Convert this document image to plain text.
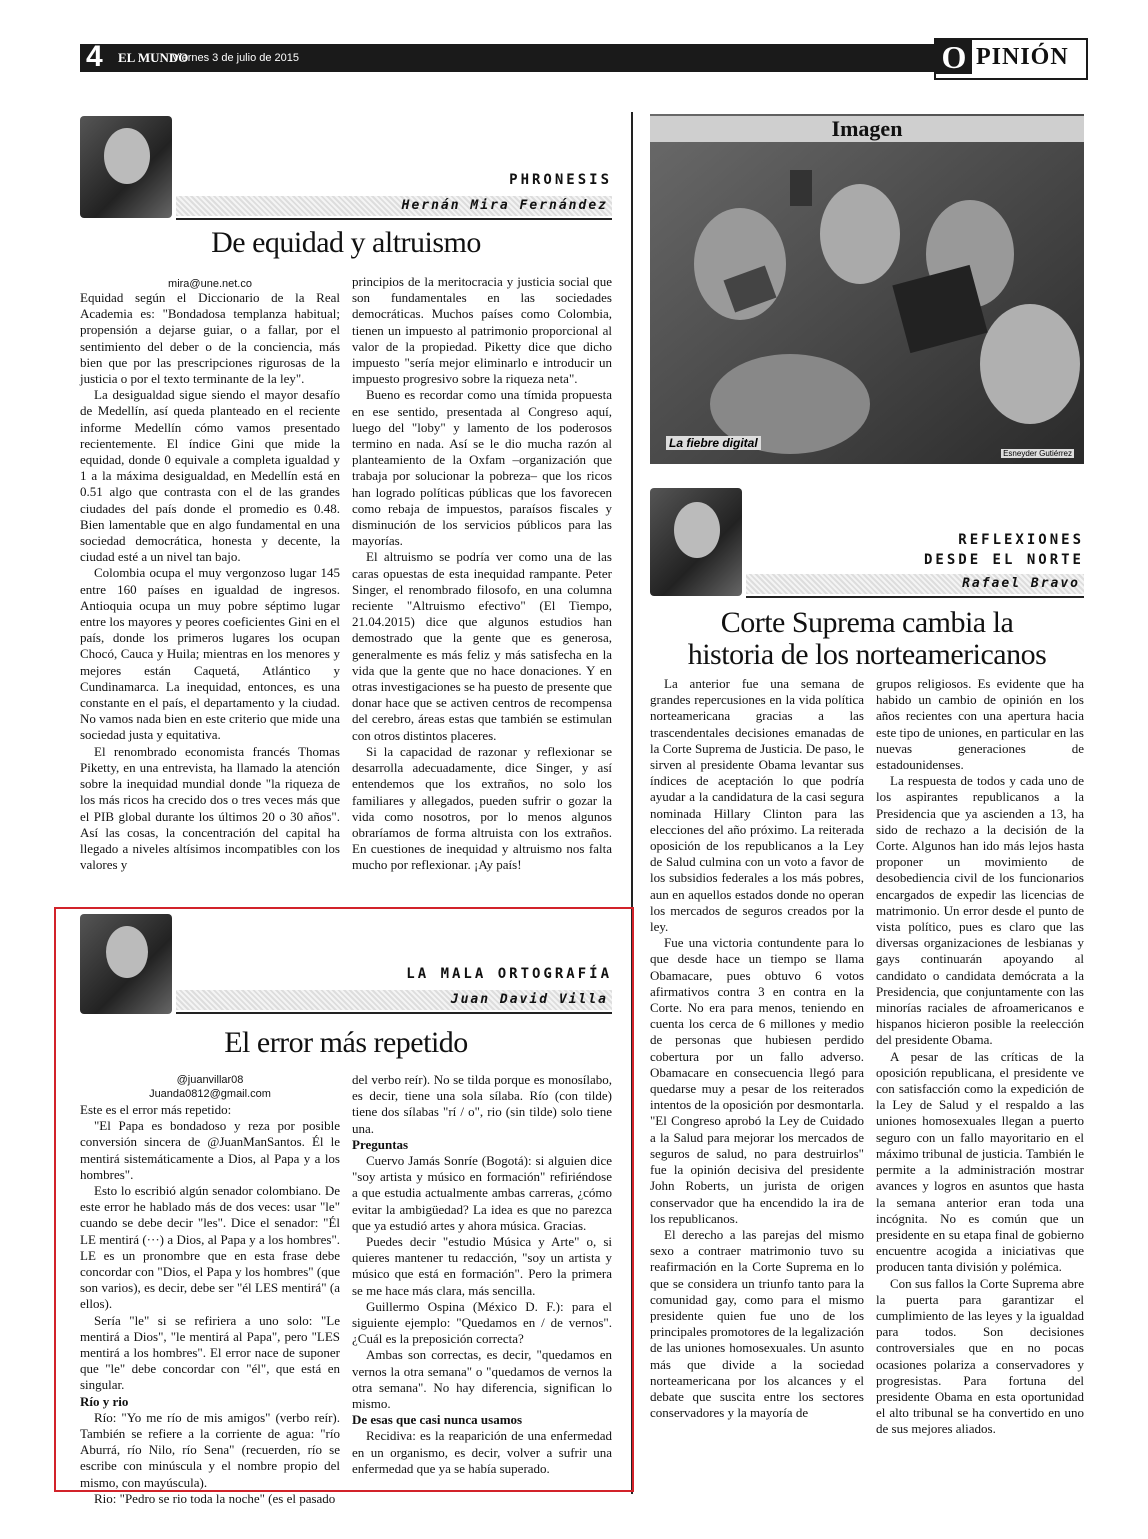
4 EL MUNDO
Viernes 3 de julio de 2015	O PINIÓN
PHRONESIS
Hernán Mira Fernández
De equidad y altruismo
mira@une.net.co

Equidad según el Diccionario de la Real Academia es: "Bondadosa templanza habitual; propensión a dejarse guiar, o a fallar, por el sentimiento del deber o de la conciencia, más bien que por las prescripciones rigurosas de la justicia o por el texto terminante de la ley".

La desigualdad sigue siendo el mayor desafío de Medellín, así queda planteado en el reciente informe Medellín cómo vamos presentado recientemente. El índice Gini que mide la equidad, donde 0 equivale a completa igualdad y 1 a la máxima desigualdad, en Medellín está en 0.51 algo que contrasta con el de las grandes ciudades del país donde el promedio es 0.48. Bien lamentable que en algo fundamental en una sociedad democrática, honesta y decente, la ciudad esté a un nivel tan bajo.

Colombia ocupa el muy vergonzoso lugar 145 entre 160 países en igualdad de ingresos. Antioquia ocupa un muy pobre séptimo lugar entre los mayores y peores coeficientes Gini en el país, donde los primeros lugares los ocupan Chocó, Cauca y Huila; mientras en los menores y mejores están Caquetá, Atlántico y Cundinamarca. La inequidad, entonces, es una constante en el país, el departamento y la ciudad. No vamos nada bien en este criterio que mide una sociedad justa y equitativa.

El renombrado economista francés Thomas Piketty, en una entrevista, ha llamado la atención sobre la inequidad mundial donde "la riqueza de los más ricos ha crecido dos o tres veces más que el PIB global durante los últimos 20 o 30 años". Así las cosas, la concentración del capital ha llegado a niveles altísimos incompatibles con los valores y

principios de la meritocracia y justicia social que son fundamentales en las sociedades democráticas. Muchos países como Colombia, tienen un impuesto al patrimonio proporcional al valor de la propiedad. Piketty dice que dicho impuesto "sería mejor eliminarlo e introducir un impuesto progresivo sobre la riqueza neta".

Bueno es recordar como una tímida propuesta en ese sentido, presentada al Congreso aquí, luego del "loby" y lamento de los poderosos termino en nada. Así se le dio mucha razón al planteamiento de la Oxfam –organización que trabaja por solucionar la pobreza– que los ricos han logrado políticas públicas que los favorecen como rebaja de impuestos, paraísos fiscales y disminución de los servicios públicos para las mayorías.

El altruismo se podría ver como una de las caras opuestas de esta inequidad rampante. Peter Singer, el renombrado filosofo, en una columna reciente "Altruismo efectivo" (El Tiempo, 21.04.2015) dice que algunos estudios han demostrado que la gente que es generosa, generalmente es más feliz y más satisfecha en la vida que la gente que no hace donaciones. Y en otras investigaciones se ha puesto de presente que donar hace que se activen centros de recompensa del cerebro, áreas estas que también se estimulan con otros distintos placeres.

Si la capacidad de razonar y reflexionar se desarrolla adecuadamente, dice Singer, y así entendemos que los extraños, no solo los familiares y allegados, pueden sufrir o gozar la vida como nosotros, por lo menos algunos obraríamos de forma altruista con los extraños. En cuestiones de inequidad y altruismo nos falta mucho por reflexionar. ¡Ay país!

Imagen
La fiebre digital
Esneyder Gutiérrez
REFLEXIONES
DESDE EL NORTE
Rafael Bravo
Corte Suprema cambia la
historia de los norteamericanos

La anterior fue una semana de grandes repercusiones en la vida política norteamericana gracias a las trascendentales decisiones emanadas de la Corte Suprema de Justicia. De paso, le sirven al presidente Obama levantar sus índices de aceptación lo que podría ayudar a la candidatura de la casi segura nominada Hillary Clinton para las elecciones del año próximo. La reiterada oposición de los republicanos a la Ley de Salud culmina con un voto a favor de los subsidios federales a los más pobres, aun en aquellos estados donde no operan los mercados de seguros creados por la ley.

Fue una victoria contundente para lo que desde hace un tiempo se llama Obamacare, pues obtuvo 6 votos afirmativos contra 3 en contra en la Corte. No era para menos, teniendo en cuenta los cerca de 6 millones y medio de personas que hubiesen perdido cobertura por un fallo adverso. Obamacare en consecuencia llegó para quedarse muy a pesar de los reiterados intentos de la oposición por desmontarla. "El Congreso aprobó la Ley de Cuidado a la Salud para mejorar los mercados de seguros de salud, no para destruirlos" fue la opinión decisiva del presidente John Roberts, un jurista de origen conservador que ha encendido la ira de los republicanos.

El derecho a las parejas del mismo sexo a contraer matrimonio tuvo su reafirmación en la Corte Suprema en lo que se considera un triunfo tanto para la comunidad gay, como para el mismo presidente quien fue uno de los principales promotores de la legalización de las uniones homosexuales. Un asunto más que divide a la sociedad norteamericana por los alcances y el debate que suscita entre los sectores conservadores y la mayoría de

grupos religiosos. Es evidente que ha habido un cambio de opinión en los años recientes con una apertura hacia este tipo de uniones, en particular en las nuevas generaciones de estadounidenses.

La respuesta de todos y cada uno de los aspirantes republicanos a la Presidencia que ya ascienden a 13, ha sido de rechazo a la decisión de la Corte. Algunos han ido más lejos hasta proponer un movimiento de desobediencia civil de los funcionarios encargados de expedir las licencias de matrimonio. Un error desde el punto de vista político, pues es claro que las diversas organizaciones de lesbianas y gays continuarán apoyando al candidato o candidata demócrata a la Presidencia, que conjuntamente con las minorías raciales de afroamericanos e hispanos hicieron posible la reelección del presidente Obama.

A pesar de las críticas de la oposición republicana, el presidente ve con satisfacción como la expedición de la Ley de Salud y el respaldo a las uniones homosexuales llegan a puerto seguro con un fallo mayoritario en el máximo tribunal de justicia. También le permite a la administración mostrar avances y logros en asuntos que hasta la semana anterior eran toda una incógnita. No es común que un presidente en su etapa final de gobierno encuentre acogida a iniciativas que producen tanta división y polémica.

Con sus fallos la Corte Suprema abre la puerta para garantizar el cumplimiento de las leyes y la igualdad para todos. Son decisiones controversiales que en no pocas ocasiones polariza a conservadores y progresistas. Para fortuna del presidente Obama en esta oportunidad el alto tribunal se ha convertido en uno de sus mejores aliados.

LA MALA ORTOGRAFÍA
Juan David Villa
El error más repetido
@juanvillar08
Juanda0812@gmail.com

Este es el error más repetido:

"El Papa es bondadoso y reza por posible conversión sincera de @JuanManSantos. Él le mentirá sistemáticamente a Dios, al Papa y a los hombres".

Esto lo escribió algún senador colombiano. De este error he hablado más de dos veces: usar "le" cuando se debe decir "les". Dice el senador: "Él LE mentirá (···) a Dios, al Papa y a los hombres". LE es un pronombre que en esta frase debe concordar con "Dios, el Papa y los hombres" (que son varios), es decir, debe ser "él LES mentirá" (a ellos).

Sería "le" si se refiriera a uno solo: "Le mentirá a Dios", "le mentirá al Papa", pero "LES mentirá a los hombres". El error nace de suponer que "le" debe concordar con "él", que está en singular.

Río y rio

Río: "Yo me río de mis amigos" (verbo reír). También se refiere a la corriente de agua: "río Aburrá, río Nilo, río Sena" (recuerden, río se escribe con minúscula y el nombre propio del mismo, con mayúscula).

Rio: "Pedro se rio toda la noche" (es el pasado

del verbo reír). No se tilda porque es monosílabo, es decir, tiene una sola sílaba. Río (con tilde) tiene dos sílabas "rí / o", rio (sin tilde) solo tiene una.

Preguntas

Cuervo Jamás Sonríe (Bogotá): si alguien dice "soy artista y músico en formación" refiriéndose a que estudia actualmente ambas carreras, ¿cómo evitar la ambigüedad? La idea es que no parezca que ya estudió artes y ahora música. Gracias.

Puedes decir "estudio Música y Arte" o, si quieres mantener tu redacción, "soy un artista y músico que está en formación". Pero la primera se me hace más clara, más sencilla.

Guillermo Ospina (México D. F.): para el siguiente ejemplo: "Quedamos en / de vernos". ¿Cuál es la preposición correcta?

Ambas son correctas, es decir, "quedamos en vernos la otra semana" o "quedamos de vernos la otra semana". No hay diferencia, significan lo mismo.

De esas que casi nunca usamos

Recidiva: es la reaparición de una enfermedad en un organismo, es decir, volver a sufrir una enfermedad que ya se había superado.
